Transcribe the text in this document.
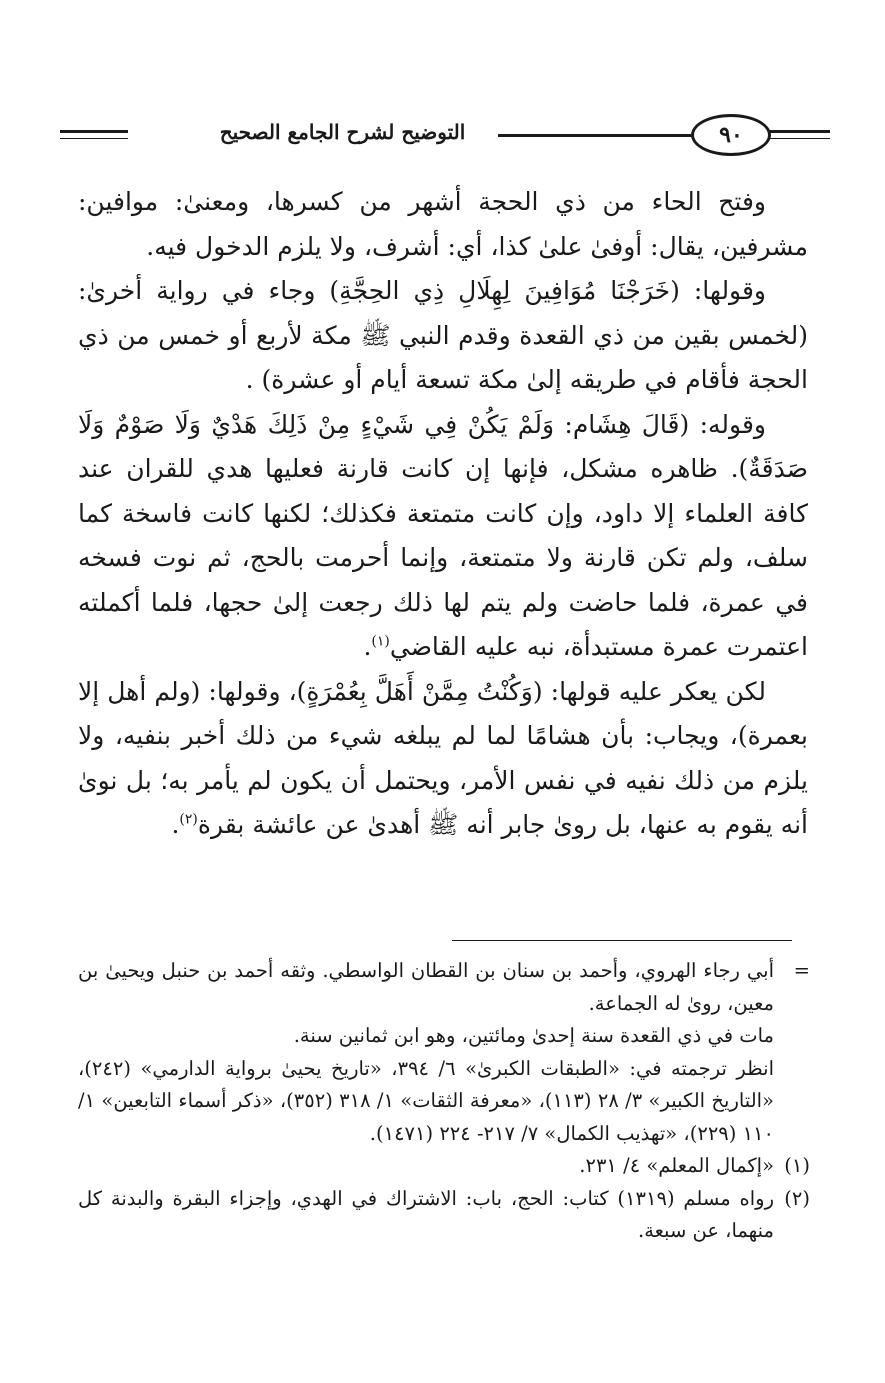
التوضيح لشرح الجامع الصحيح	٩٠

وفتح الحاء من ذي الحجة أشهر من كسرها، ومعنىٰ: موافين: مشرفين، يقال: أوفىٰ علىٰ كذا، أي: أشرف، ولا يلزم الدخول فيه.

وقولها: (خَرَجْنَا مُوَافِينَ لِهِلَالِ ذِي الحِجَّةِ) وجاء في رواية أخرىٰ: (لخمس بقين من ذي القعدة وقدم النبي ﷺ مكة لأربع أو خمس من ذي الحجة فأقام في طريقه إلىٰ مكة تسعة أيام أو عشرة) .

وقوله: (قَالَ هِشَام: وَلَمْ يَكُنْ فِي شَيْءٍ مِنْ ذَلِكَ هَدْيٌ وَلَا صَوْمٌ وَلَا صَدَقَةٌ). ظاهره مشكل، فإنها إن كانت قارنة فعليها هدي للقران عند كافة العلماء إلا داود، وإن كانت متمتعة فكذلك؛ لكنها كانت فاسخة كما سلف، ولم تكن قارنة ولا متمتعة، وإنما أحرمت بالحج، ثم نوت فسخه في عمرة، فلما حاضت ولم يتم لها ذلك رجعت إلىٰ حجها، فلما أكملته اعتمرت عمرة مستبدأة، نبه عليه القاضي$^{(١)}$.

لكن يعكر عليه قولها: (وَكُنْتُ مِمَّنْ أَهَلَّ بِعُمْرَةٍ)، وقولها: (ولم أهل إلا بعمرة)، ويجاب: بأن هشامًا لما لم يبلغه شيء من ذلك أخبر بنفيه، ولا يلزم من ذلك نفيه في نفس الأمر، ويحتمل أن يكون لم يأمر به؛ بل نوىٰ أنه يقوم به عنها، بل روىٰ جابر أنه ﷺ أهدىٰ عن عائشة بقرة$^{(٢)}$.

=
أبي رجاء الهروي، وأحمد بن سنان بن القطان الواسطي. وثقه أحمد بن حنبل ويحيىٰ بن معين، روىٰ له الجماعة.
مات في ذي القعدة سنة إحدىٰ ومائتين، وهو ابن ثمانين سنة.
انظر ترجمته في: «الطبقات الكبرىٰ» ٦/ ٣٩٤، «تاريخ يحيىٰ برواية الدارمي» (٢٤٢)، «التاريخ الكبير» ٣/ ٢٨ (١١٣)، «معرفة الثقات» ١/ ٣١٨ (٣٥٢)، «ذكر أسماء التابعين» ١/ ١١٠ (٢٢٩)، «تهذيب الكمال» ٧/ ٢١٧- ٢٢٤ (١٤٧١).
(١)
«إكمال المعلم» ٤/ ٢٣١.
(٢)
رواه مسلم (١٣١٩) كتاب: الحج، باب: الاشتراك في الهدي، وإجزاء البقرة والبدنة كل منهما، عن سبعة.
